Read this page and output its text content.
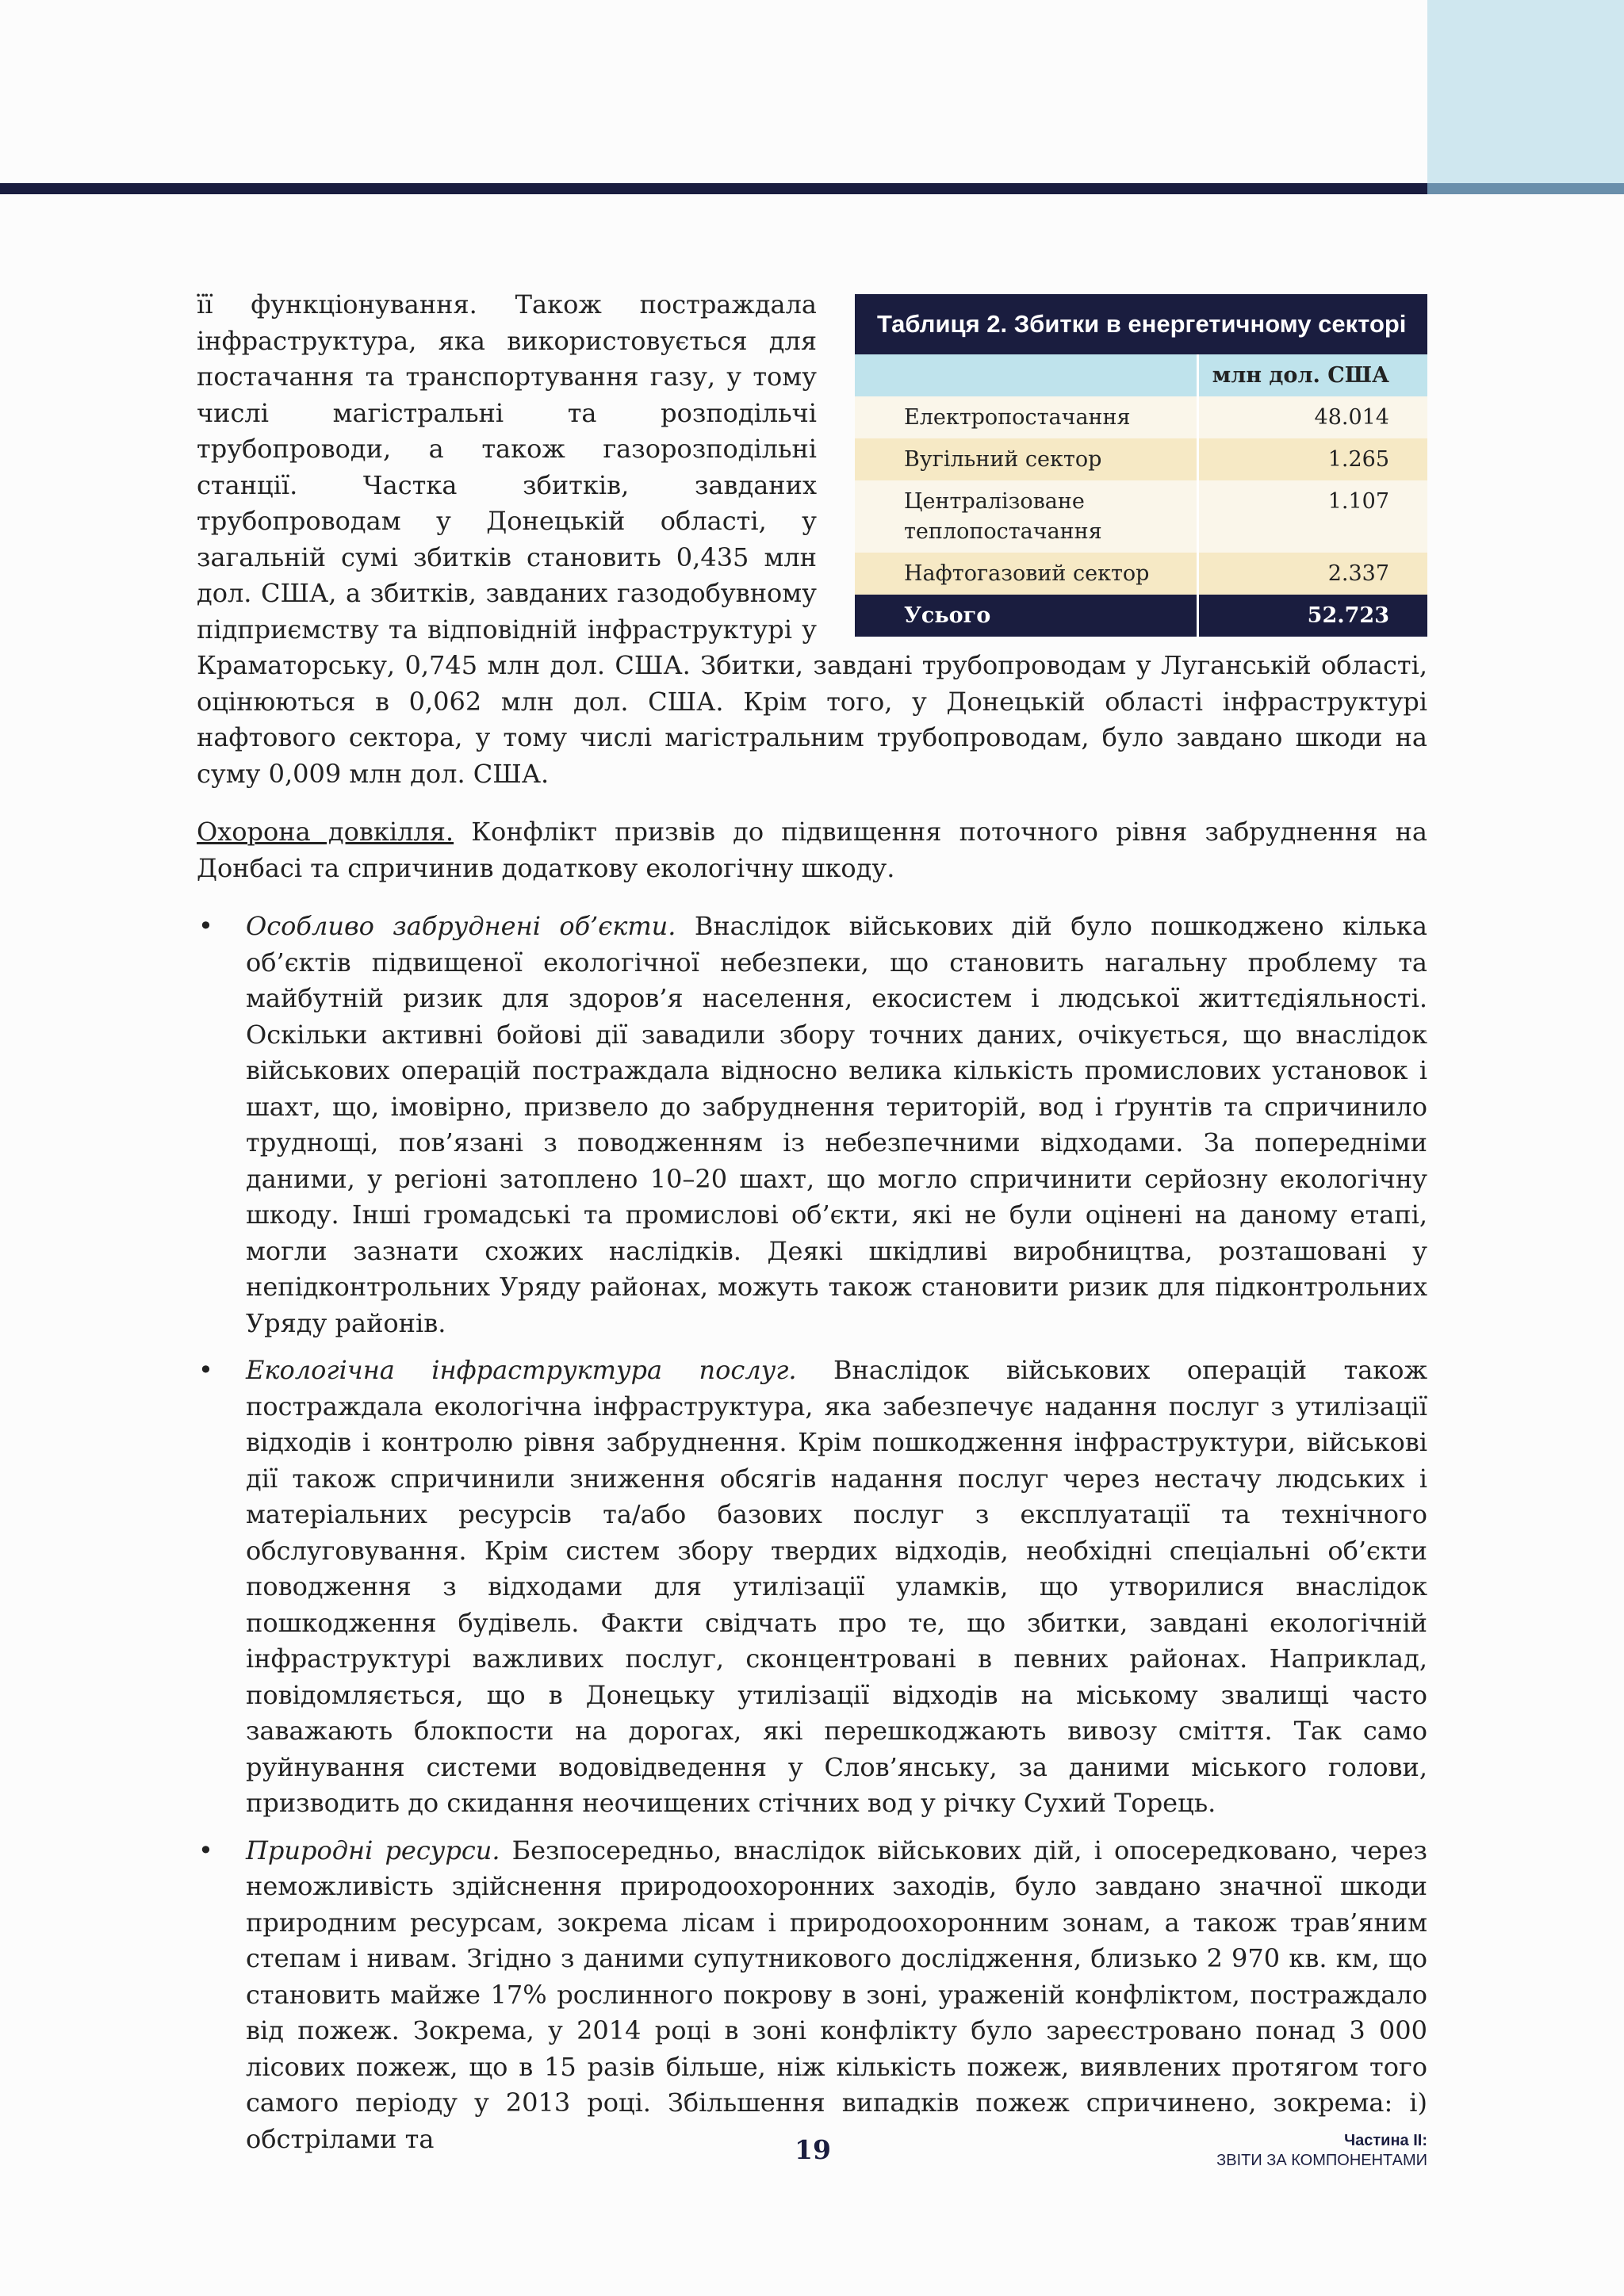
Таблиця 2. Збитки в енергетичному секторі
	млн дол. США
Електропостачання	48.014
Вугільний сектор	1.265
Централізоване теплопостачання	1.107
Нафтогазовий сектор	2.337
Усього	52.723

її функціонування. Також постраждала інфраструктура, яка використовується для постачання та транспортування газу, у тому числі магістральні та розподільчі трубопроводи, а також газорозподільні станції. Частка збитків, завданих трубопроводам у Донецькій області, у загальній сумі збитків становить 0,435 млн дол. США, а збитків, завданих газодобувному підприємству та відповідній інфраструктурі у Краматорську, 0,745 млн дол. США. Збитки, завдані трубопроводам у Луганській області, оцінюються в 0,062 млн дол. США. Крім того, у Донецькій області інфраструктурі нафтового сектора, у тому числі магістральним трубопроводам, було завдано шкоди на суму 0,009 млн дол. США.

Охорона довкілля. Конфлікт призвів до підвищення поточного рівня забруднення на Донбасі та спричинив додаткову екологічну шкоду.

• Особливо забруднені об’єкти. Внаслідок військових дій було пошкоджено кілька об’єктів підвищеної екологічної небезпеки, що становить нагальну проблему та майбутній ризик для здоров’я населення, екосистем і людської життєдіяльності. Оскільки активні бойові дії завадили збору точних даних, очікується, що внаслідок військових операцій постраждала відносно велика кількість промислових установок і шахт, що, імовірно, призвело до забруднення територій, вод і ґрунтів та спричинило труднощі, пов’язані з поводженням із небезпечними відходами. За попередніми даними, у регіоні затоплено 10–20 шахт, що могло спричинити серйозну екологічну шкоду. Інші громадські та промислові об’єкти, які не були оцінені на даному етапі, могли зазнати схожих наслідків. Деякі шкідливі виробництва, розташовані у непідконтрольних Уряду районах, можуть також становити ризик для підконтрольних Уряду районів.
• Екологічна інфраструктура послуг. Внаслідок військових операцій також постраждала екологічна інфраструктура, яка забезпечує надання послуг з утилізації відходів і контролю рівня забруднення. Крім пошкодження інфраструктури, військові дії також спричинили зниження обсягів надання послуг через нестачу людських і матеріальних ресурсів та/або базових послуг з експлуатації та технічного обслуговування. Крім систем збору твердих відходів, необхідні спеціальні об’єкти поводження з відходами для утилізації уламків, що утворилися внаслідок пошкодження будівель. Факти свідчать про те, що збитки, завдані екологічній інфраструктурі важливих послуг, сконцентровані в певних районах. Наприклад, повідомляється, що в Донецьку утилізації відходів на міському звалищі часто заважають блокпости на дорогах, які перешкоджають вивозу сміття. Так само руйнування системи водовідведення у Слов’янську, за даними міського голови, призводить до скидання неочищених стічних вод у річку Сухий Торець.
• Природні ресурси. Безпосередньо, внаслідок військових дій, і опосередковано, через неможливість здійснення природоохоронних заходів, було завдано значної шкоди природним ресурсам, зокрема лісам і природоохоронним зонам, а також трав’яним степам і нивам. Згідно з даними супутникового дослідження, близько 2 970 кв. км, що становить майже 17% рослинного покрову в зоні, ураженій конфліктом, постраждало від пожеж. Зокрема, у 2014 році в зоні конфлікту було зареєстровано понад 3 000 лісових пожеж, що в 15 разів більше, ніж кількість пожеж, виявлених протягом того самого періоду у 2013 році. Збільшення випадків пожеж спричинено, зокрема: і) обстрілами та	19	Частина II:
ЗВІТИ ЗА КОМПОНЕНТАМИ
